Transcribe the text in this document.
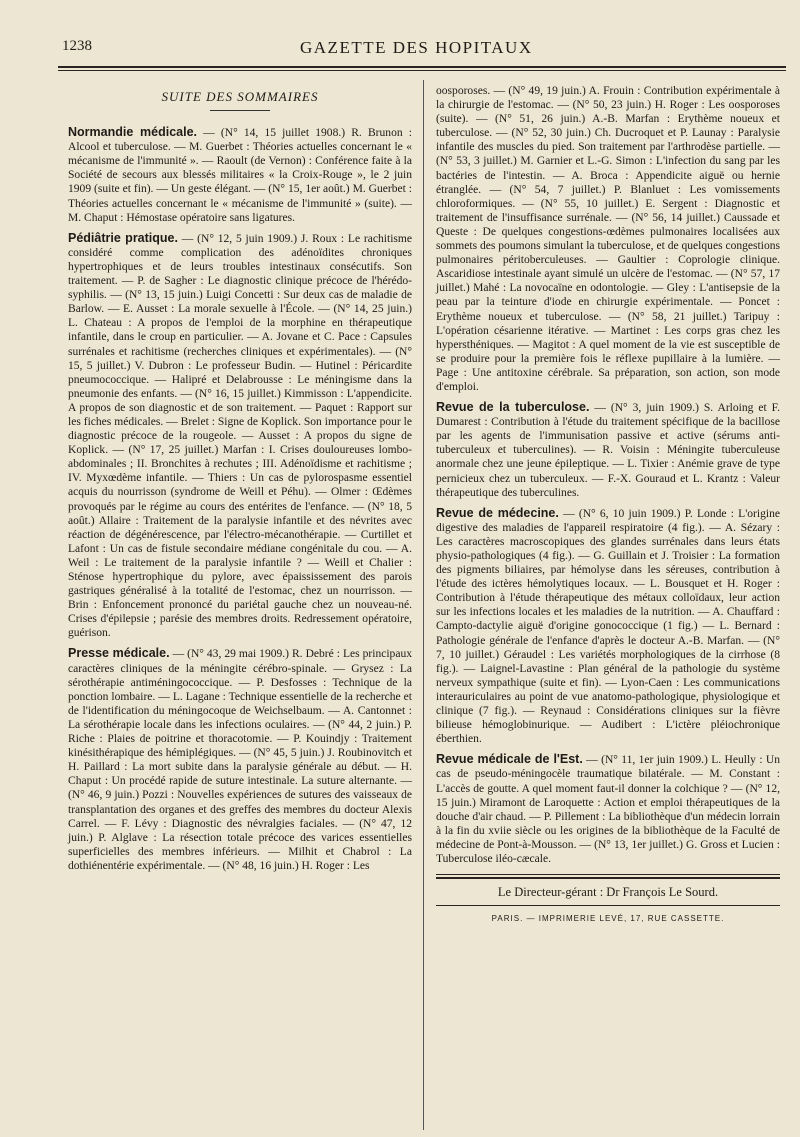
1238	GAZETTE DES HOPITAUX
SUITE DES SOMMAIRES

Normandie médicale. — (N° 14, 15 juillet 1908.) R. Brunon : Alcool et tuberculose. — M. Guerbet : Théories actuelles concernant le « mécanisme de l'immunité ». — Raoult (de Vernon) : Conférence faite à la Société de secours aux blessés militaires « la Croix-Rouge », le 2 juin 1909 (suite et fin). — Un geste élégant. — (N° 15, 1er août.) M. Guerbet : Théories actuelles concernant le « mécanisme de l'immunité » (suite). — M. Chaput : Hémostase opératoire sans ligatures.

Pédiâtrie pratique. — (N° 12, 5 juin 1909.) J. Roux : Le rachitisme considéré comme complication des adénoïdites chroniques hypertrophiques et de leurs troubles intestinaux consécutifs. Son traitement. — P. de Sagher : Le diagnostic clinique précoce de l'hérédo-syphilis. — (N° 13, 15 juin.) Luigi Concetti : Sur deux cas de maladie de Barlow. — E. Ausset : La morale sexuelle à l'École. — (N° 14, 25 juin.) L. Chateau : A propos de l'emploi de la morphine en thérapeutique infantile, dans le croup en particulier. — A. Jovane et C. Pace : Capsules surrénales et rachitisme (recherches cliniques et expérimentales). — (N° 15, 5 juillet.) V. Dubron : Le professeur Budin. — Hutinel : Péricardite pneumococcique. — Halipré et Delabroussе : Le méningisme dans la pneumonie des enfants. — (N° 16, 15 juillet.) Kimmisson : L'appendicite. A propos de son diagnostic et de son traitement. — Paquet : Rapport sur les fiches médicales. — Brelet : Signe de Koplick. Son importance pour le diagnostic précoce de la rougeole. — Ausset : A propos du signe de Koplick. — (N° 17, 25 juillet.) Marfan : I. Crises douloureuses lombo-abdominales ; II. Bronchites à rechutes ; III. Adénoïdisme et rachitisme ; IV. Myxœdème infantile. — Thiers : Un cas de pylorospasme essentiel acquis du nourrisson (syndrome de Weill et Péhu). — Olmer : Œdèmes provoqués par le régime au cours des entérites de l'enfance. — (N° 18, 5 août.) Allaire : Traitement de la paralysie infantile et des névrites avec réaction de dégénérescence, par l'électro-mécanothérapie. — Curtillet et Lafont : Un cas de fistule secondaire médiane congénitale du cou. — A. Weil : Le traitement de la paralysie infantile ? — Weill et Chalier : Sténose hypertrophique du pylore, avec épaississement des parois gastriques généralisé à la totalité de l'estomac, chez un nourrisson. — Brin : Enfoncement prononcé du pariétal gauche chez un nouveau-né. Crises d'épilepsie ; parésie des membres droits. Redressement opératoire, guérison.

Presse médicale. — (N° 43, 29 mai 1909.) R. Debré : Les principaux caractères cliniques de la méningite cérébro-spinale. — Grysez : La sérothérapie antiméningococcique. — P. Desfosses : Technique de la ponction lombaire. — L. Lagane : Technique essentielle de la recherche et de l'identification du méningocoque de Weichselbaum. — A. Cantonnet : La sérothérapie locale dans les infections oculaires. — (N° 44, 2 juin.) P. Riche : Plaies de poitrine et thoracotomie. — P. Kouindjy : Traitement kinésithérapique des hémiplégiques. — (N° 45, 5 juin.) J. Roubinovitch et H. Paillard : La mort subite dans la paralysie générale au début. — H. Chaput : Un procédé rapide de suture intestinale. La suture alternante. — (N° 46, 9 juin.) Pozzi : Nouvelles expériences de sutures des vaisseaux de transplantation des organes et des greffes des membres du docteur Alexis Carrel. — F. Lévy : Diagnostic des névralgies faciales. — (N° 47, 12 juin.) P. Alglave : La résection totale précoce des varices essentielles superficielles des membres inférieurs. — Milhit et Chabrol : La dothiénentérie expérimentale. — (N° 48, 16 juin.) H. Roger : Les

oosporoses. — (N° 49, 19 juin.) A. Frouin : Contribution expérimentale à la chirurgie de l'estomac. — (N° 50, 23 juin.) H. Roger : Les oosporoses (suite). — (N° 51, 26 juin.) A.-B. Marfan : Erythème noueux et tuberculose. — (N° 52, 30 juin.) Ch. Ducroquet et P. Launay : Paralysie infantile des muscles du pied. Son traitement par l'arthrodèse partielle. — (N° 53, 3 juillet.) M. Garnier et L.-G. Simon : L'infection du sang par les bactéries de l'intestin. — A. Broca : Appendicite aiguë ou hernie étranglée. — (N° 54, 7 juillet.) P. Blanluet : Les vomissements chloroformiques. — (N° 55, 10 juillet.) E. Sergent : Diagnostic et traitement de l'insuffisance surrénale. — (N° 56, 14 juillet.) Caussade et Queste : De quelques congestions-œdèmes pulmonaires localisées aux sommets des poumons simulant la tuberculose, et de quelques congestions pulmonaires péritoberculeuses. — Gaultier : Coprologie clinique. Ascaridiose intestinale ayant simulé un ulcère de l'estomac. — (N° 57, 17 juillet.) Mahé : La novocaïne en odontologie. — Gley : L'antisepsie de la peau par la teinture d'iode en chirurgie expérimentale. — Poncet : Erythème noueux et tuberculose. — (N° 58, 21 juillet.) Taripuy : L'opération césarienne itérative. — Martinet : Les corps gras chez les hypersthéniques. — Magitot : A quel moment de la vie est susceptible de se produire pour la première fois le réflexe pupillaire à la lumière. — Page : Une antitoxine cérébrale. Sa préparation, son action, son mode d'emploi.

Revue de la tuberculose. — (N° 3, juin 1909.) S. Arloing et F. Dumarest : Contribution à l'étude du traitement spécifique de la bacillose par les agents de l'immunisation passive et active (sérums anti-tuberculeux et tuberculines). — R. Voisin : Méningite tuberculeuse anormale chez une jeune épileptique. — L. Tixier : Anémie grave de type pernicieux chez un tuberculeux. — F.-X. Gouraud et L. Krantz : Valeur thérapeutique des tuberculines.

Revue de médecine. — (N° 6, 10 juin 1909.) P. Londe : L'origine digestive des maladies de l'appareil respiratoire (4 fig.). — A. Sézary : Les caractères macroscopiques des glandes surrénales dans leurs états physio-pathologiques (4 fig.). — G. Guillain et J. Troisier : La formation des pigments biliaires, par hémolyse dans les séreuses, contribution à l'étude des ictères hémolytiques locaux. — L. Bousquet et H. Roger : Contribution à l'étude thérapeutique des métaux colloïdaux, leur action sur les infections locales et les maladies de la nutrition. — A. Chauffard : Campto-dactylie aiguë d'origine gonococcique (1 fig.) — L. Bernard : Pathologie générale de l'enfance d'après le docteur A.-B. Marfan. — (N° 7, 10 juillet.) Géraudel : Les variétés morphologiques de la cirrhose (8 fig.). — Laignel-Lavastine : Plan général de la pathologie du système nerveux sympathique (suite et fin). — Lyon-Caen : Les communications interauriculaires au point de vue anatomo-pathologique, physiologique et clinique (7 fig.). — Reynaud : Considérations cliniques sur la fièvre bilieuse hémoglobinurique. — Audibert : L'ictère pléiochronique éberthien.

Revue médicale de l'Est. — (N° 11, 1er juin 1909.) L. Heully : Un cas de pseudo-méningocèle traumatique bilatérale. — M. Constant : L'accès de goutte. A quel moment faut-il donner la colchique ? — (N° 12, 15 juin.) Miramont de Laroquette : Action et emploi thérapeutiques de la douche d'air chaud. — P. Pillement : La bibliothèque d'un médecin lorrain à la fin du xviie siècle ou les origines de la bibliothèque de la Faculté de médecine de Pont-à-Mousson. — (N° 13, 1er juillet.) G. Gross et Lucien : Tuberculose iléo-cæcale.

Le Directeur-gérant : Dr François Le Sourd.
PARIS. — IMPRIMERIE LEVÉ, 17, RUE CASSETTE.
